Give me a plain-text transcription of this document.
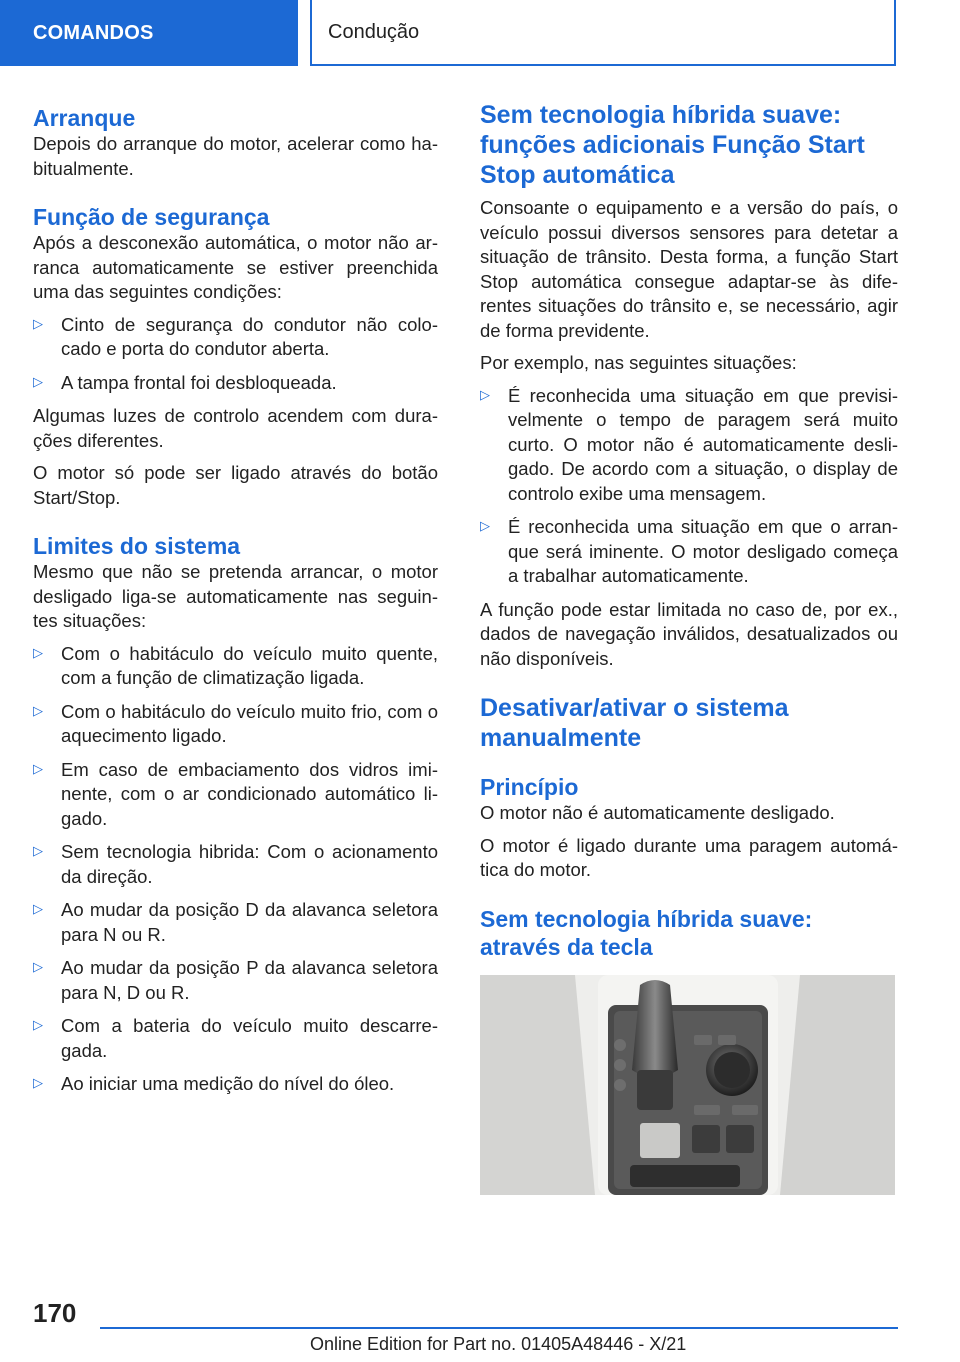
COMANDOS	Condução
Arranque

Depois do arranque do motor, acelerar como habitualmente.

Função de segurança

Após a desconexão automática, o motor não arranca automaticamente se estiver preenchida uma das seguintes condições:

▷ Cinto de segurança do condutor não colocado e porta do condutor aberta.
▷ A tampa frontal foi desbloqueada.

Algumas luzes de controlo acendem com durações diferentes.

O motor só pode ser ligado através do botão Start/Stop.

Limites do sistema

Mesmo que não se pretenda arrancar, o motor desligado liga-se automaticamente nas seguintes situações:

▷ Com o habitáculo do veículo muito quente, com a função de climatização ligada.
▷ Com o habitáculo do veículo muito frio, com o aquecimento ligado.
▷ Em caso de embaciamento dos vidros iminente, com o ar condicionado automático ligado.
▷ Sem tecnologia hibrida: Com o acionamento da direção.
▷ Ao mudar da posição D da alavanca seletora para N ou R.
▷ Ao mudar da posição P da alavanca seletora para N, D ou R.
▷ Com a bateria do veículo muito descarregada.
▷ Ao iniciar uma medição do nível do óleo.
Sem tecnologia híbrida suave: funções adicionais Função Start Stop automática

Consoante o equipamento e a versão do país, o veículo possui diversos sensores para detetar a situação de trânsito. Desta forma, a função Start Stop automática consegue adaptar-se às diferentes situações do trânsito e, se necessário, agir de forma previdente.

Por exemplo, nas seguintes situações:

▷ É reconhecida uma situação em que previsivelmente o tempo de paragem será muito curto. O motor não é automaticamente desligado. De acordo com a situação, o display de controlo exibe uma mensagem.
▷ É reconhecida uma situação em que o arranque será iminente. O motor desligado começa a trabalhar automaticamente.

A função pode estar limitada no caso de, por ex., dados de navegação inválidos, desatualizados ou não disponíveis.

Desativar/ativar o sistema manualmente
Princípio

O motor não é automaticamente desligado.

O motor é ligado durante uma paragem automática do motor.

Sem tecnologia híbrida suave: através da tecla
170
Online Edition for Part no. 01405A48446 - X/21
